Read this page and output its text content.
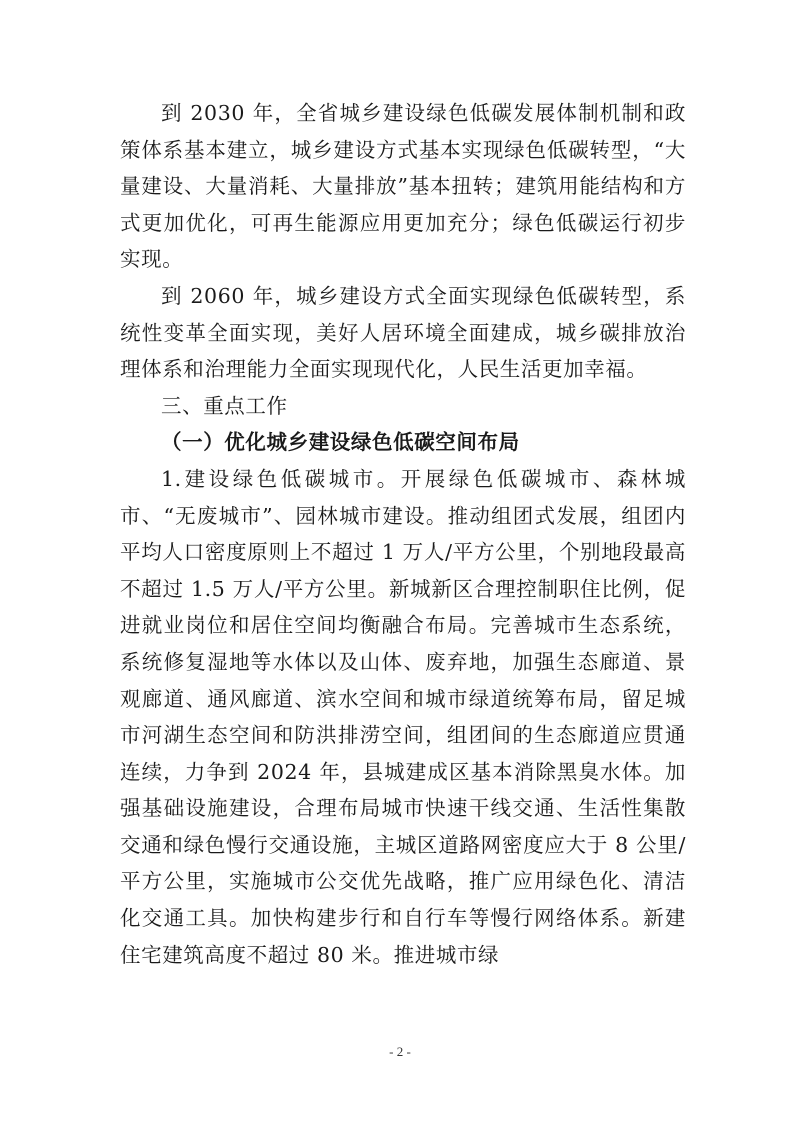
到 2030 年，全省城乡建设绿色低碳发展体制机制和政策体系基本建立，城乡建设方式基本实现绿色低碳转型，“大量建设、大量消耗、大量排放”基本扭转；建筑用能结构和方式更加优化，可再生能源应用更加充分；绿色低碳运行初步实现。

到 2060 年，城乡建设方式全面实现绿色低碳转型，系统性变革全面实现，美好人居环境全面建成，城乡碳排放治理体系和治理能力全面实现现代化，人民生活更加幸福。

三、重点工作

（一）优化城乡建设绿色低碳空间布局

1.建设绿色低碳城市。开展绿色低碳城市、森林城市、“无废城市”、园林城市建设。推动组团式发展，组团内平均人口密度原则上不超过 1 万人/平方公里，个别地段最高不超过 1.5 万人/平方公里。新城新区合理控制职住比例，促进就业岗位和居住空间均衡融合布局。完善城市生态系统，系统修复湿地等水体以及山体、废弃地，加强生态廊道、景观廊道、通风廊道、滨水空间和城市绿道统筹布局，留足城市河湖生态空间和防洪排涝空间，组团间的生态廊道应贯通连续，力争到 2024 年，县城建成区基本消除黑臭水体。加强基础设施建设，合理布局城市快速干线交通、生活性集散交通和绿色慢行交通设施，主城区道路网密度应大于 8 公里/平方公里，实施城市公交优先战略，推广应用绿色化、清洁化交通工具。加快构建步行和自行车等慢行网络体系。新建住宅建筑高度不超过 80 米。推进城市绿

- 2 -
